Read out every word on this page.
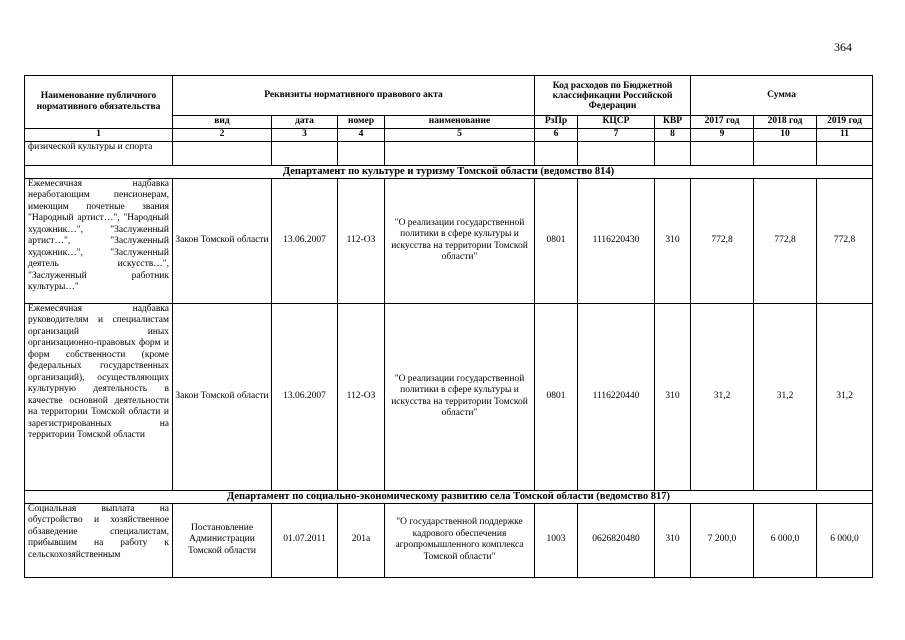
364
Наименование публичного нормативного обязательства	Реквизиты нормативного правового акта				Код расходов по Бюджетной классификации Российской Федерации			Сумма		
	вид	дата	номер	наименование	РзПр	КЦСР	КВР	2017 год	2018 год	2019 год
1	2	3	4	5	6	7	8	9	10	11
физической культуры и спорта										
Департамент по культуре и туризму Томской области (ведомство 814)										
Ежемесячная надбавка неработающим пенсионерам, имеющим почетные звания "Народный артист…", "Народный художник…", "Заслуженный артист…", "Заслуженный художник…", "Заслуженный деятель искусств…", "Заслуженный работник культуры…"	Закон Томской области	13.06.2007	112-ОЗ	"О реализации государственной политики в сфере культуры и искусства на территории Томской области"	0801	1116220430	310	772,8	772,8	772,8
Ежемесячная надбавка руководителям и специалистам организаций иных организационно-правовых форм и форм собственности (кроме федеральных государственных организаций), осуществляющих культурную деятельность в качестве основной деятельности на территории Томской области и зарегистрированных на территории Томской области	Закон Томской области	13.06.2007	112-ОЗ	"О реализации государственной политики в сфере культуры и искусства на территории Томской области"	0801	1116220440	310	31,2	31,2	31,2
Департамент по социально-экономическому развитию села Томской области (ведомство 817)										
Социальная выплата на обустройство и хозяйственное обзаведение специалистам, прибывшим на работу к сельскохозяйственным	Постановление Администрации Томской области	01.07.2011	201а	"О государственной поддержке кадрового обеспечения агропромышленного комплекса Томской области"	1003	0626820480	310	7 200,0	6 000,0	6 000,0
